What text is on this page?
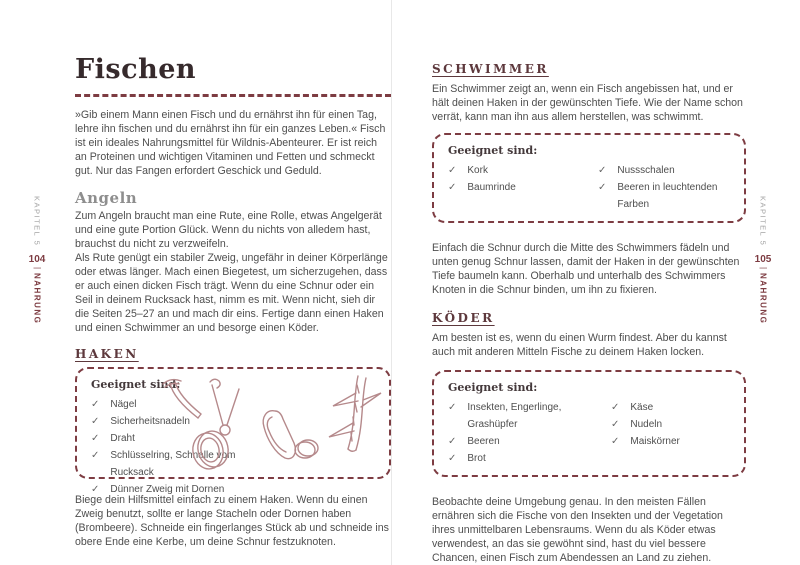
Fischen

»Gib einem Mann einen Fisch und du ernährst ihn für einen Tag, lehre ihn fischen und du ernährst ihn für ein ganzes Leben.« Fisch ist ein ideales Nahrungsmittel für Wildnis-Abenteurer. Er ist reich an Proteinen und wichtigen Vitaminen und Fetten und schmeckt gut. Nur das Fangen erfordert Geschick und Geduld.

Angeln

Zum Angeln braucht man eine Rute, eine Rolle, etwas Angelgerät und eine gute Portion Glück. Wenn du nichts von alledem hast, brauchst du nicht zu verzweifeln.

Als Rute genügt ein stabiler Zweig, ungefähr in deiner Körperlänge oder etwas länger. Mach einen Biegetest, um sicherzugehen, dass er auch einen dicken Fisch trägt. Wenn du eine Schnur oder ein Seil in deinem Rucksack hast, nimm es mit. Wenn nicht, sieh dir die Seiten 25–27 an und mach dir eins. Fertige dann einen Haken und einen Schwimmer an und besorge einen Köder.

HAKEN
Geeignet sind:
✓ Nägel
✓ Sicherheitsnadeln
✓ Draht
✓ Schlüsselring, Schnalle vom Rucksack
✓ Dünner Zweig mit Dornen

Biege dein Hilfsmittel einfach zu einem Haken. Wenn du einen Zweig benutzt, sollte er lange Stacheln oder Dornen haben (Brombeere). Schneide ein fingerlanges Stück ab und schneide ins obere Ende eine Kerbe, um deine Schnur festzuknoten.

SCHWIMMER

Ein Schwimmer zeigt an, wenn ein Fisch angebissen hat, und er hält deinen Haken in der gewünschten Tiefe. Wie der Name schon verrät, kann man ihn aus allem herstellen, was schwimmt.

Geeignet sind:
✓ Kork
✓ Baumrinde
✓ Nussschalen
✓ Beeren in leuchtenden Farben

Einfach die Schnur durch die Mitte des Schwimmers fädeln und unten genug Schnur lassen, damit der Haken in der gewünschten Tiefe baumeln kann. Oberhalb und unterhalb des Schwimmers Knoten in die Schnur binden, um ihn zu fixieren.

KÖDER

Am besten ist es, wenn du einen Wurm findest. Aber du kannst auch mit anderen Mitteln Fische zu deinem Haken locken.

Geeignet sind:
✓ Insekten, Engerlinge, Grashüpfer
✓ Beeren
✓ Brot
✓ Käse
✓ Nudeln
✓ Maiskörner

Beobachte deine Umgebung genau. In den meisten Fällen ernähren sich die Fische von den Insekten und der Vegetation ihres unmittelbaren Lebensraums. Wenn du als Köder etwas verwendest, an das sie gewöhnt sind, hast du viel bessere Chancen, einen Fisch zum Abendessen an Land zu ziehen.

KAPITEL 5
104
|
NAHRUNG
KAPITEL 5
105
|
NAHRUNG
